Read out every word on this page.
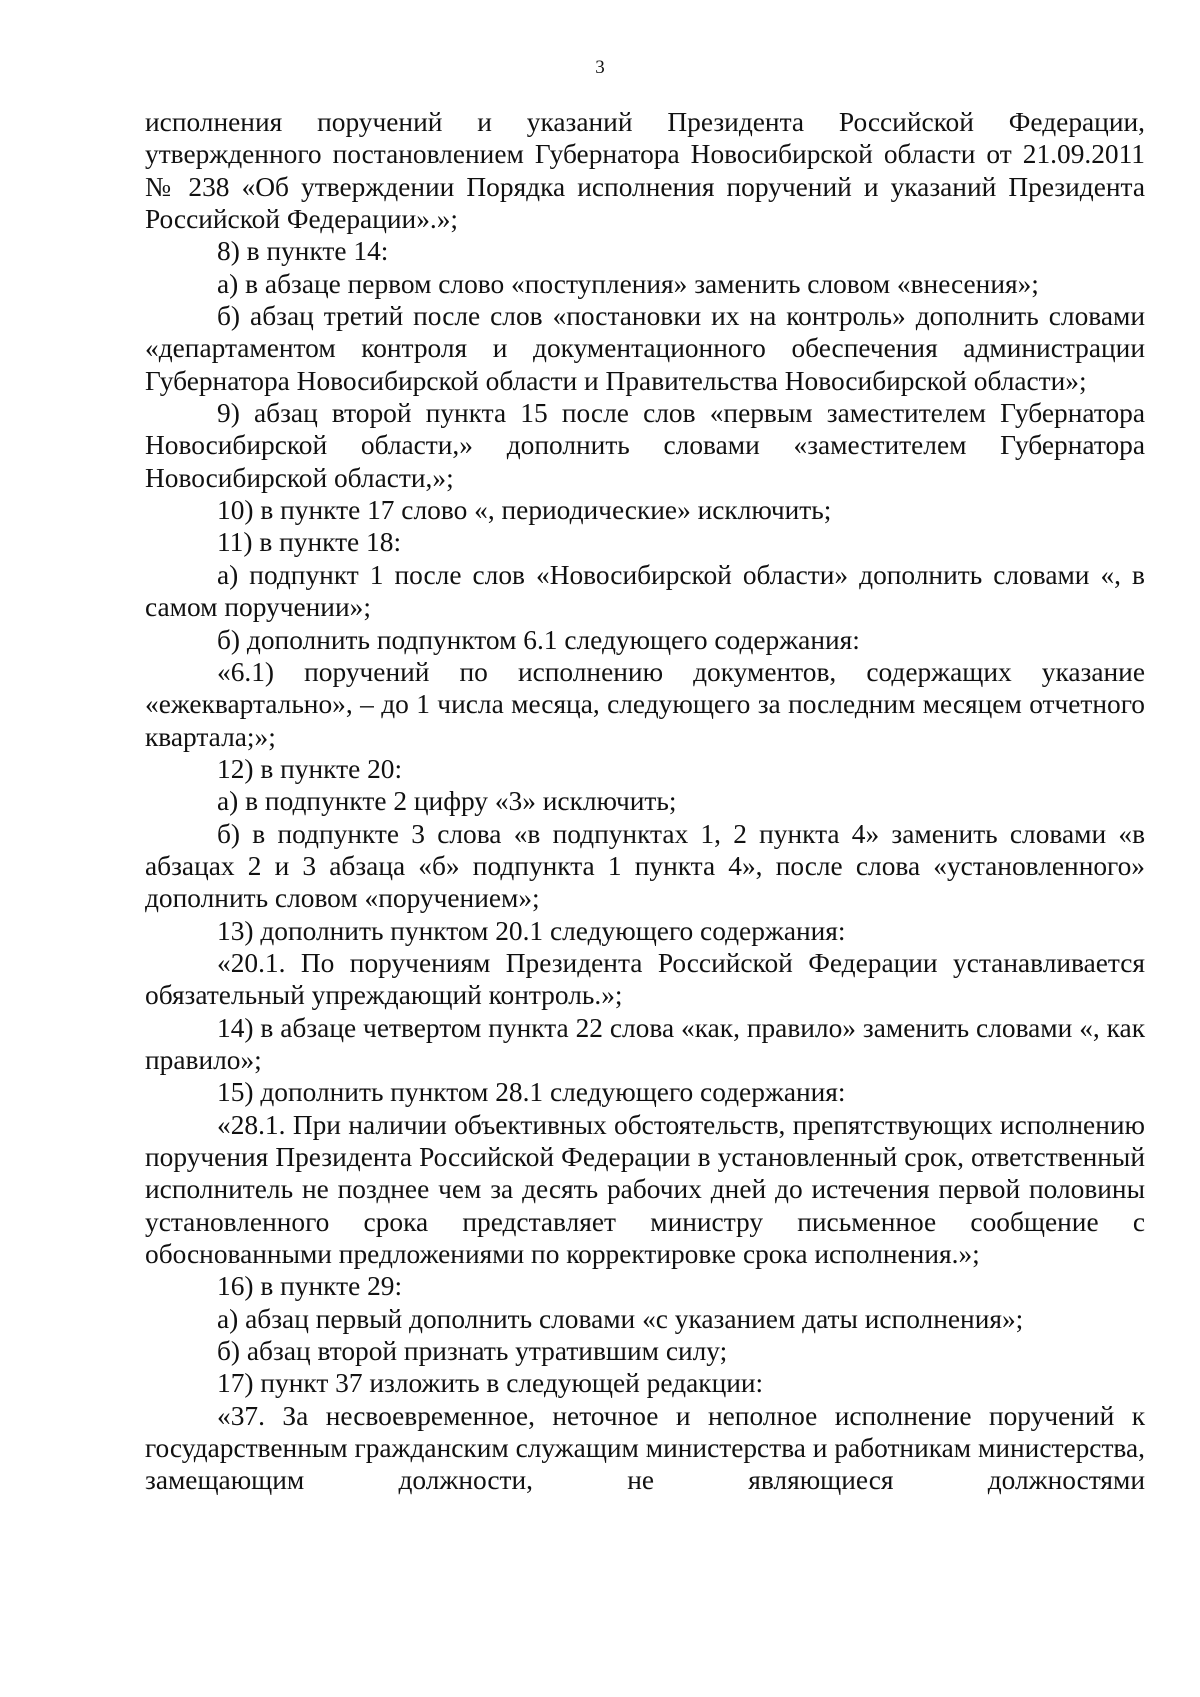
3

исполнения поручений и указаний Президента Российской Федерации, утвержденного постановлением Губернатора Новосибирской области от 21.09.2011 № 238 «Об утверждении Порядка исполнения поручений и указаний Президента Российской Федерации».»;

8) в пункте 14:

а) в абзаце первом слово «поступления» заменить словом «внесения»;

б) абзац третий после слов «постановки их на контроль» дополнить словами «департаментом контроля и документационного обеспечения администрации Губернатора Новосибирской области и Правительства Новосибирской области»;

9) абзац второй пункта 15 после слов «первым заместителем Губернатора Новосибирской области,» дополнить словами «заместителем Губернатора Новосибирской области,»;

10) в пункте 17 слово «, периодические» исключить;

11) в пункте 18:

а) подпункт 1 после слов «Новосибирской области» дополнить словами «, в самом поручении»;

б) дополнить подпунктом 6.1 следующего содержания:

«6.1) поручений по исполнению документов, содержащих указание «ежеквартально», – до 1 числа месяца, следующего за последним месяцем отчетного квартала;»;

12) в пункте 20:

а) в подпункте 2 цифру «3» исключить;

б) в подпункте 3 слова «в подпунктах 1, 2 пункта 4» заменить словами «в абзацах 2 и 3 абзаца «б» подпункта 1 пункта 4», после слова «установленного» дополнить словом «поручением»;

13) дополнить пунктом 20.1 следующего содержания:

«20.1. По поручениям Президента Российской Федерации устанавливается обязательный упреждающий контроль.»;

14) в абзаце четвертом пункта 22 слова «как, правило» заменить словами «, как правило»;

15) дополнить пунктом 28.1 следующего содержания:

«28.1. При наличии объективных обстоятельств, препятствующих исполнению поручения Президента Российской Федерации в установленный срок, ответственный исполнитель не позднее чем за десять рабочих дней до истечения первой половины установленного срока представляет министру письменное сообщение с обоснованными предложениями по корректировке срока исполнения.»;

16) в пункте 29:

а) абзац первый дополнить словами «с указанием даты исполнения»;

б) абзац второй признать утратившим силу;

17) пункт 37 изложить в следующей редакции:

«37. За несвоевременное, неточное и неполное исполнение поручений к государственным гражданским служащим министерства и работникам министерства, замещающим должности, не являющиеся должностями
